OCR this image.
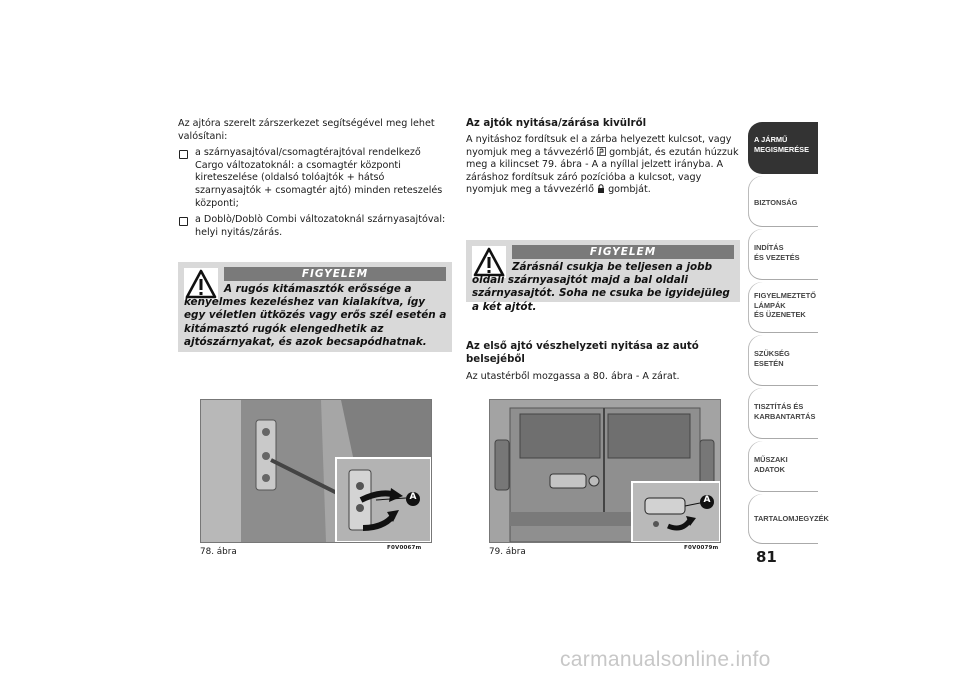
Az ajtóra szerelt zárszerkezet segítségével meg lehet valósítani:
a szárnyasajtóval/csomagtérajtóval rendelkező Cargo változatoknál: a csomagtér központi kireteszelése (oldalsó tolóajtók + hátsó szarnyasajtók + csomagtér ajtó) minden reteszelés központi;
a Doblò/Doblò Combi változatoknál szárnyasajtóval: helyi nyitás/zárás.
FIGYELEM
A rugós kitámasztók erőssége a kényelmes kezeléshez van kialakítva, így egy véletlen ütközés vagy erős szél esetén a kitámasztó rugók elengedhetik az ajtószárnyakat, és azok becsapódhatnak.
Az ajtók nyitása/zárása kivülről
A nyitáshoz fordítsuk el a zárba helyezett kulcsot, vagy nyomjuk meg a távvezérlő gombját, és ezután húzzuk meg a kilincset 79. ábra - A a nyíllal jelzett irányba. A záráshoz fordítsuk záró pozícióba a kulcsot, vagy nyomjuk meg a távvezérlő gombját.
FIGYELEM
Zárásnál csukja be teljesen a jobb oldali szárnyasajtót majd a bal oldali szárnyasajtót. Soha ne csuka be igyidejüleg a két ajtót.
Az első ajtó vészhelyzeti nyitása az autó belsejéből
Az utastérből mozgassa a 80. ábra - A zárat.
A
78. ábra	F0V0067m
A
79. ábra	F0V0079m
A JÁRMŰ
MEGISMERÉSE
BIZTONSÁG
INDÍTÁS
ÉS VEZETÉS
FIGYELMEZTETŐ
LÁMPÁK
ÉS ÜZENETEK
SZÜKSÉG
ESETÉN
TISZTÍTÁS ÉS
KARBANTARTÁS
MŰSZAKI
ADATOK
TARTALOMJEGYZÉK
81
carmanualsonline.info
